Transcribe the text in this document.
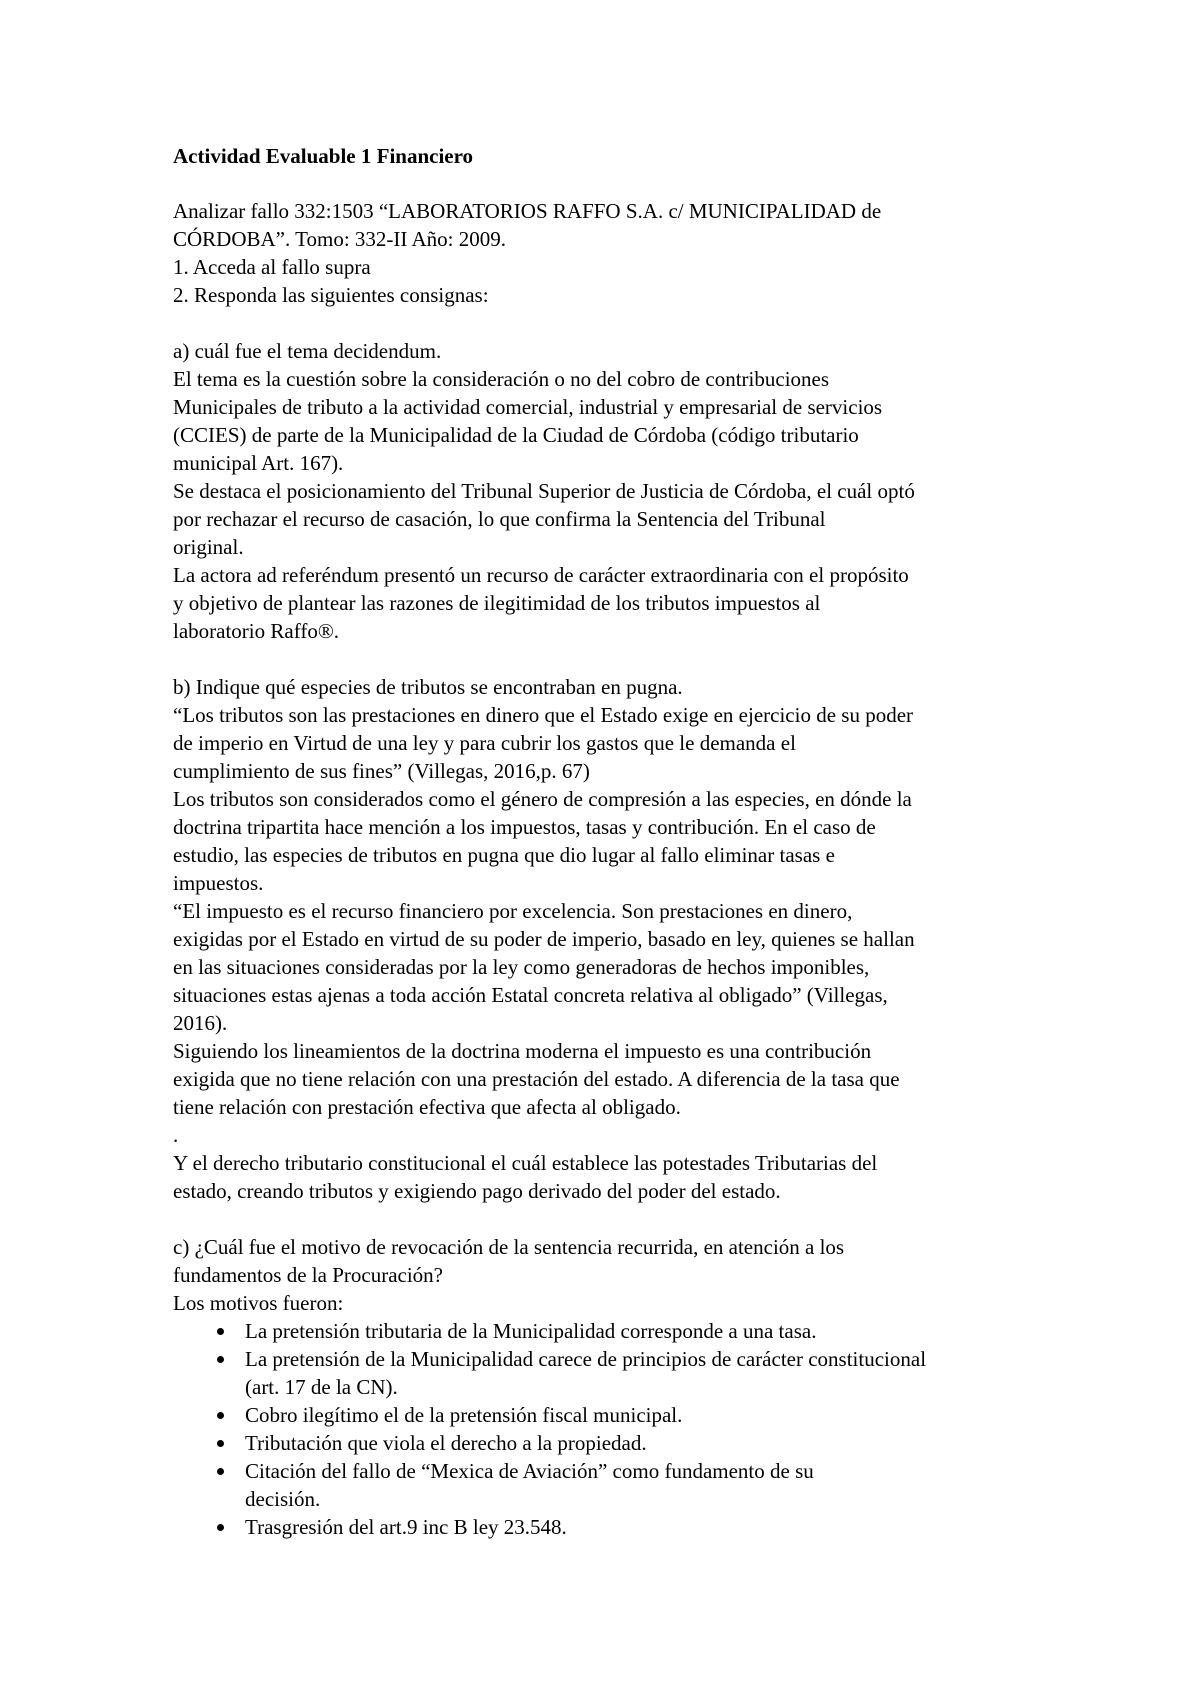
Actividad Evaluable 1 Financiero
Analizar fallo 332:1503 “LABORATORIOS RAFFO S.A. c/ MUNICIPALIDAD de
CÓRDOBA”. Tomo: 332-II Año: 2009.
1. Acceda al fallo supra
2. Responda las siguientes consignas:
a) cuál fue el tema decidendum.
El tema es la cuestión sobre la consideración o no del cobro de contribuciones
Municipales de tributo a la actividad comercial, industrial y empresarial de servicios
(CCIES) de parte de la Municipalidad de la Ciudad de Córdoba (código tributario
municipal Art. 167).
Se destaca el posicionamiento del Tribunal Superior de Justicia de Córdoba, el cuál optó
por rechazar el recurso de casación, lo que confirma la Sentencia del Tribunal
original.
La actora ad referéndum presentó un recurso de carácter extraordinaria con el propósito
y objetivo de plantear las razones de ilegitimidad de los tributos impuestos al
laboratorio Raffo®.
b) Indique qué especies de tributos se encontraban en pugna.
“Los tributos son las prestaciones en dinero que el Estado exige en ejercicio de su poder
de imperio en Virtud de una ley y para cubrir los gastos que le demanda el
cumplimiento de sus fines” (Villegas, 2016,p. 67)
Los tributos son considerados como el género de compresión a las especies, en dónde la
doctrina tripartita hace mención a los impuestos, tasas y contribución. En el caso de
estudio, las especies de tributos en pugna que dio lugar al fallo eliminar tasas e
impuestos.
“El impuesto es el recurso financiero por excelencia. Son prestaciones en dinero,
exigidas por el Estado en virtud de su poder de imperio, basado en ley, quienes se hallan
en las situaciones consideradas por la ley como generadoras de hechos imponibles,
situaciones estas ajenas a toda acción Estatal concreta relativa al obligado” (Villegas,
2016).
Siguiendo los lineamientos de la doctrina moderna el impuesto es una contribución
exigida que no tiene relación con una prestación del estado. A diferencia de la tasa que
tiene relación con prestación efectiva que afecta al obligado.
.
Y el derecho tributario constitucional el cuál establece las potestades Tributarias del
estado, creando tributos y exigiendo pago derivado del poder del estado.
c) ¿Cuál fue el motivo de revocación de la sentencia recurrida, en atención a los
fundamentos de la Procuración?
Los motivos fueron:
La pretensión tributaria de la Municipalidad corresponde a una tasa.
La pretensión de la Municipalidad carece de principios de carácter constitucional
(art. 17 de la CN).
Cobro ilegítimo el de la pretensión fiscal municipal.
Tributación que viola el derecho a la propiedad.
Citación del fallo de “Mexica de Aviación” como fundamento de su
decisión.
Trasgresión del art.9 inc B ley 23.548.
